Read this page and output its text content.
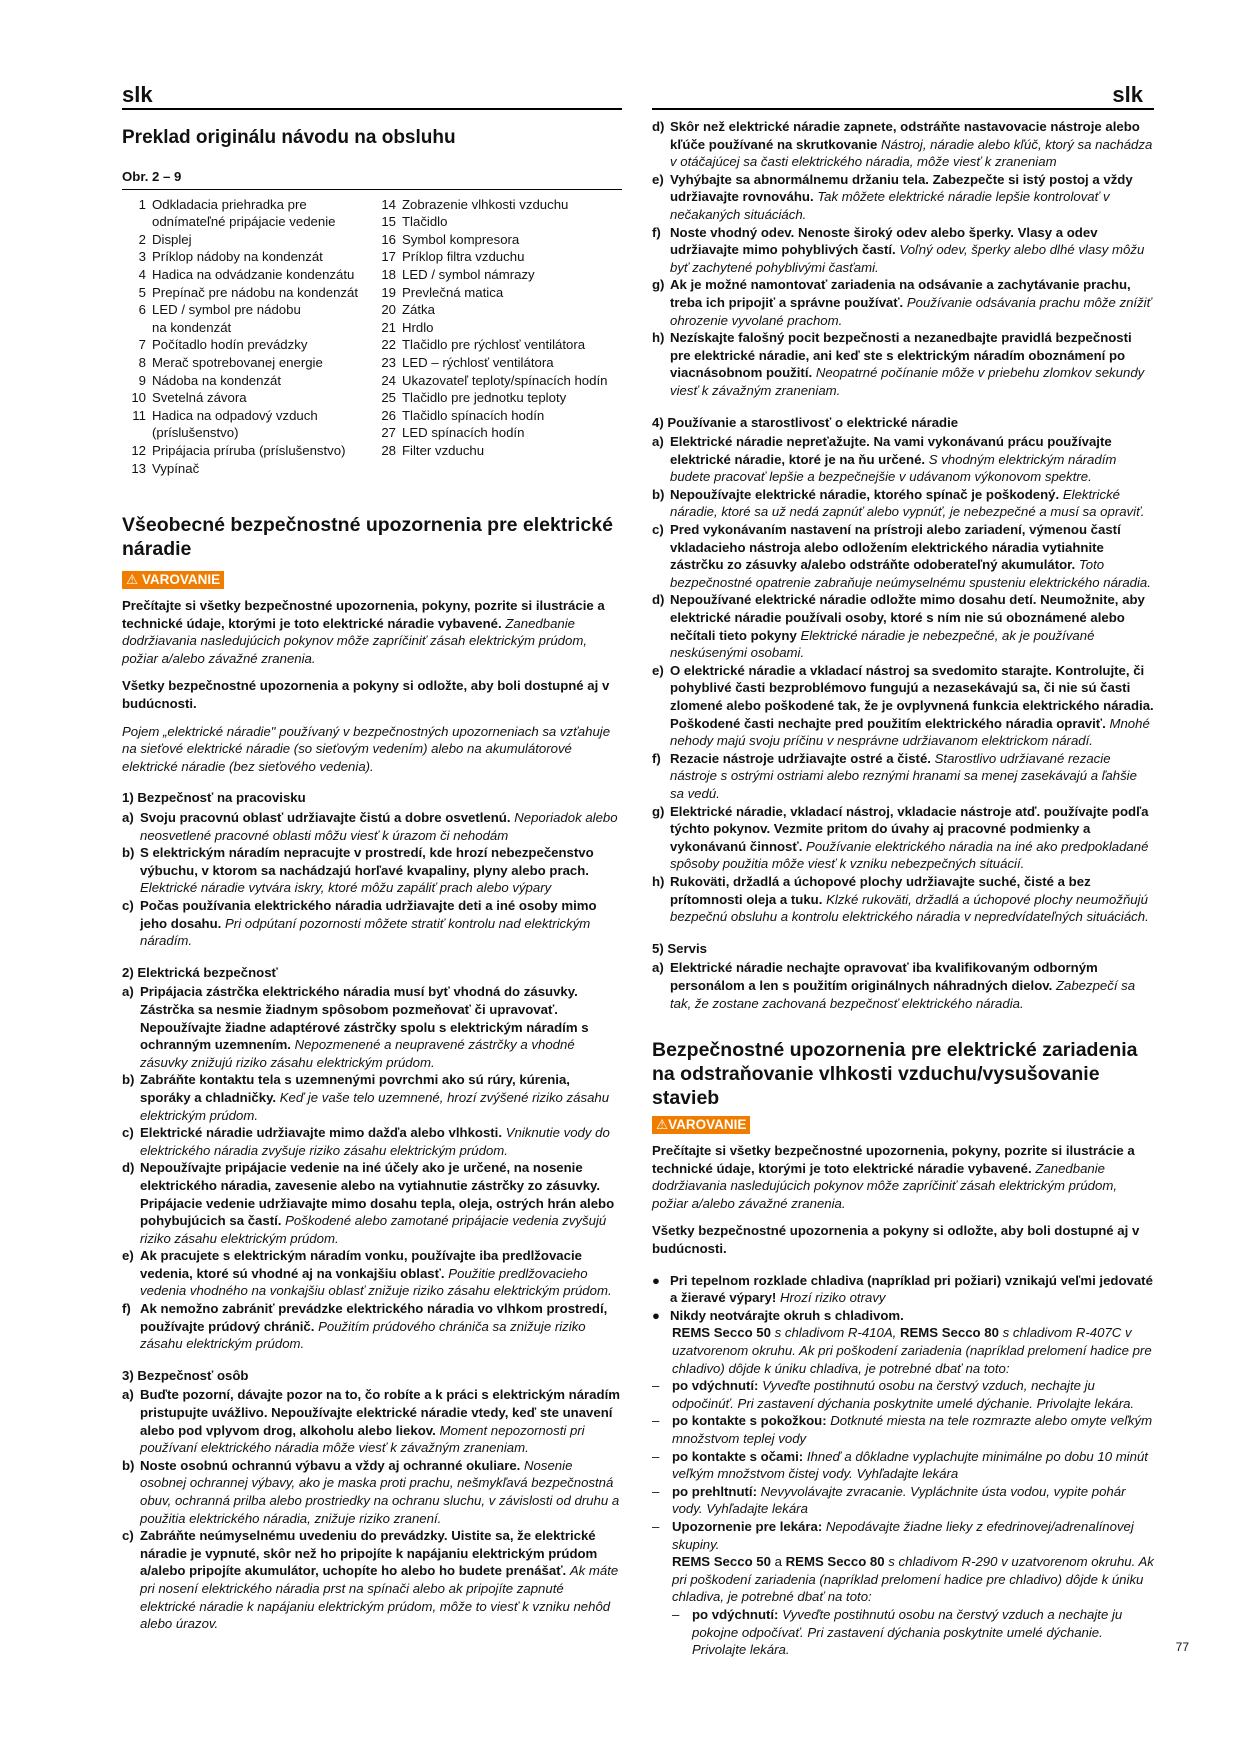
slk	slk
Preklad originálu návodu na obsluhu
Obr. 2 – 9
1 Odkladacia priehradka pre
odnímateľné pripájacie vedenie
2 Displej
3 Príklop nádoby na kondenzát
4 Hadica na odvádzanie kondenzátu
5 Prepínač pre nádobu na kondenzát
6 LED / symbol pre nádobu
na kondenzát
7 Počítadlo hodín prevádzky
8 Merač spotrebovanej energie
9 Nádoba na kondenzát
10 Svetelná závora
11 Hadica na odpadový vzduch
(príslušenstvo)
12 Pripájacia príruba (príslušenstvo)
13 Vypínač
14 Zobrazenie vlhkosti vzduchu
15 Tlačidlo
16 Symbol kompresora
17 Príklop filtra vzduchu
18 LED / symbol námrazy
19 Prevlečná matica
20 Zátka
21 Hrdlo
22 Tlačidlo pre rýchlosť ventilátora
23 LED – rýchlosť ventilátora
24 Ukazovateľ teploty/spínacích hodín
25 Tlačidlo pre jednotku teploty
26 Tlačidlo spínacích hodín
27 LED spínacích hodín
28 Filter vzduchu
Všeobecné bezpečnostné upozornenia pre elektrické náradie
⚠ VAROVANIE

Prečítajte si všetky bezpečnostné upozornenia, pokyny, pozrite si ilustrácie a technické údaje, ktorými je toto elektrické náradie vybavené. Zanedbanie dodržiavania nasledujúcich pokynov môže zapríčiniť zásah elektrickým prúdom, požiar a/alebo závažné zranenia.

Všetky bezpečnostné upozornenia a pokyny si odložte, aby boli dostupné aj v budúcnosti.

Pojem „elektrické náradie" používaný v bezpečnostných upozorneniach sa vzťahuje na sieťové elektrické náradie (so sieťovým vedením) alebo na akumulátorové elektrické náradie (bez sieťového vedenia).

1) Bezpečnosť na pracovisku
a) Svoju pracovnú oblasť udržiavajte čistú a dobre osvetlenú. Neporiadok alebo neosvetlené pracovné oblasti môžu viesť k úrazom či nehodám
b) S elektrickým náradím nepracujte v prostredí, kde hrozí nebezpečenstvo výbuchu, v ktorom sa nachádzajú horľavé kvapaliny, plyny alebo prach. Elektrické náradie vytvára iskry, ktoré môžu zapáliť prach alebo výpary
c) Počas používania elektrického náradia udržiavajte deti a iné osoby mimo jeho dosahu. Pri odpútaní pozornosti môžete stratiť kontrolu nad elektrickým náradím.
2) Elektrická bezpečnosť
a) Pripájacia zástrčka elektrického náradia musí byť vhodná do zásuvky. Zástrčka sa nesmie žiadnym spôsobom pozmeňovať či upravovať. Nepoužívajte žiadne adaptérové zástrčky spolu s elektrickým náradím s ochranným uzemnením. Nepozmenené a neupravené zástrčky a vhodné zásuvky znižujú riziko zásahu elektrickým prúdom.
b) Zabráňte kontaktu tela s uzemnenými povrchmi ako sú rúry, kúrenia, sporáky a chladničky. Keď je vaše telo uzemnené, hrozí zvýšené riziko zásahu elektrickým prúdom.
c) Elektrické náradie udržiavajte mimo dažďa alebo vlhkosti. Vniknutie vody do elektrického náradia zvyšuje riziko zásahu elektrickým prúdom.
d) Nepoužívajte pripájacie vedenie na iné účely ako je určené, na nosenie elektrického náradia, zavesenie alebo na vytiahnutie zástrčky zo zásuvky. Pripájacie vedenie udržiavajte mimo dosahu tepla, oleja, ostrých hrán alebo pohybujúcich sa častí. Poškodené alebo zamotané pripájacie vedenia zvyšujú riziko zásahu elektrickým prúdom.
e) Ak pracujete s elektrickým náradím vonku, používajte iba predlžovacie vedenia, ktoré sú vhodné aj na vonkajšiu oblasť. Použitie predlžovacieho vedenia vhodného na vonkajšiu oblasť znižuje riziko zásahu elektrickým prúdom.
f) Ak nemožno zabrániť prevádzke elektrického náradia vo vlhkom prostredí, používajte prúdový chránič. Použitím prúdového chrániča sa znižuje riziko zásahu elektrickým prúdom.
3) Bezpečnosť osôb
a) Buďte pozorní, dávajte pozor na to, čo robíte a k práci s elektrickým náradím pristupujte uvážlivo. Nepoužívajte elektrické náradie vtedy, keď ste unavení alebo pod vplyvom drog, alkoholu alebo liekov. Moment nepozornosti pri používaní elektrického náradia môže viesť k závažným zraneniam.
b) Noste osobnú ochrannú výbavu a vždy aj ochranné okuliare. Nosenie osobnej ochrannej výbavy, ako je maska proti prachu, nešmykľavá bezpečnostná obuv, ochranná prilba alebo prostriedky na ochranu sluchu, v závislosti od druhu a použitia elektrického náradia, znižuje riziko zranení.
c) Zabráňte neúmyselnému uvedeniu do prevádzky. Uistite sa, že elektrické náradie je vypnuté, skôr než ho pripojíte k napájaniu elektrickým prúdom a/alebo pripojíte akumulátor, uchopíte ho alebo ho budete prenášať. Ak máte pri nosení elektrického náradia prst na spínači alebo ak pripojíte zapnuté elektrické náradie k napájaniu elektrickým prúdom, môže to viesť k vzniku nehôd alebo úrazov.
d) Skôr než elektrické náradie zapnete, odstráňte nastavovacie nástroje alebo kľúče používané na skrutkovanie Nástroj, náradie alebo kľúč, ktorý sa nachádza v otáčajúcej sa časti elektrického náradia, môže viesť k zraneniam
e) Vyhýbajte sa abnormálnemu držaniu tela. Zabezpečte si istý postoj a vždy udržiavajte rovnováhu. Tak môžete elektrické náradie lepšie kontrolovať v nečakaných situáciách.
f) Noste vhodný odev. Nenoste široký odev alebo šperky. Vlasy a odev udržiavajte mimo pohyblivých častí. Voľný odev, šperky alebo dlhé vlasy môžu byť zachytené pohyblivými časťami.
g) Ak je možné namontovať zariadenia na odsávanie a zachytávanie prachu, treba ich pripojiť a správne používať. Používanie odsávania prachu môže znížiť ohrozenie vyvolané prachom.
h) Nezískajte falošný pocit bezpečnosti a nezanedbajte pravidlá bezpečnosti pre elektrické náradie, ani keď ste s elektrickým náradím oboznámení po viacnásobnom použití. Neopatrné počínanie môže v priebehu zlomkov sekundy viesť k závažným zraneniam.
4) Používanie a starostlivosť o elektrické náradie
a) Elektrické náradie nepreťažujte. Na vami vykonávanú prácu používajte elektrické náradie, ktoré je na ňu určené. S vhodným elektrickým náradím budete pracovať lepšie a bezpečnejšie v udávanom výkonovom spektre.
b) Nepoužívajte elektrické náradie, ktorého spínač je poškodený. Elektrické náradie, ktoré sa už nedá zapnúť alebo vypnúť, je nebezpečné a musí sa opraviť.
c) Pred vykonávaním nastavení na prístroji alebo zariadení, výmenou častí vkladacieho nástroja alebo odložením elektrického náradia vytiahnite zástrčku zo zásuvky a/alebo odstráňte odoberateľný akumulátor. Toto bezpečnostné opatrenie zabraňuje neúmyselnému spusteniu elektrického náradia.
d) Nepoužívané elektrické náradie odložte mimo dosahu detí. Neumožnite, aby elektrické náradie používali osoby, ktoré s ním nie sú oboznámené alebo nečítali tieto pokyny Elektrické náradie je nebezpečné, ak je používané neskúsenými osobami.
e) O elektrické náradie a vkladací nástroj sa svedomito starajte. Kontrolujte, či pohyblivé časti bezproblémovo fungujú a nezasekávajú sa, či nie sú časti zlomené alebo poškodené tak, že je ovplyvnená funkcia elektrického náradia. Poškodené časti nechajte pred použitím elektrického náradia opraviť. Mnohé nehody majú svoju príčinu v nesprávne udržiavanom elektrickom náradí.
f) Rezacie nástroje udržiavajte ostré a čisté. Starostlivo udržiavané rezacie nástroje s ostrými ostriami alebo reznými hranami sa menej zasekávajú a ľahšie sa vedú.
g) Elektrické náradie, vkladací nástroj, vkladacie nástroje atď. používajte podľa týchto pokynov. Vezmite pritom do úvahy aj pracovné podmienky a vykonávanú činnosť. Používanie elektrického náradia na iné ako predpokladané spôsoby použitia môže viesť k vzniku nebezpečných situácií.
h) Rukoväti, držadlá a úchopové plochy udržiavajte suché, čisté a bez prítomnosti oleja a tuku. Klzké rukoväti, držadlá a úchopové plochy neumožňujú bezpečnú obsluhu a kontrolu elektrického náradia v nepredvídateľných situáciách.
5) Servis
a) Elektrické náradie nechajte opravovať iba kvalifikovaným odborným personálom a len s použitím originálnych náhradných dielov. Zabezpečí sa tak, že zostane zachovaná bezpečnosť elektrického náradia.
Bezpečnostné upozornenia pre elektrické zariadenia na odstraňovanie vlhkosti vzduchu/vysušovanie stavieb
⚠VAROVANIE

Prečítajte si všetky bezpečnostné upozornenia, pokyny, pozrite si ilustrácie a technické údaje, ktorými je toto elektrické náradie vybavené. Zanedbanie dodržiavania nasledujúcich pokynov môže zapríčiniť zásah elektrickým prúdom, požiar a/alebo závažné zranenia.

Všetky bezpečnostné upozornenia a pokyny si odložte, aby boli dostupné aj v budúcnosti.

● Pri tepelnom rozklade chladiva (napríklad pri požiari) vznikajú veľmi jedovaté a žieravé výpary! Hrozí riziko otravy
● Nikdy neotvárajte okruh s chladivom.
REMS Secco 50 s chladivom R-410A, REMS Secco 80 s chladivom R-407C v uzatvorenom okruhu. Ak pri poškodení zariadenia (napríklad prelomení hadice pre chladivo) dôjde k úniku chladiva, je potrebné dbať na toto:
– po vdýchnutí: Vyveďte postihnutú osobu na čerstvý vzduch, nechajte ju odpočinúť. Pri zastavení dýchania poskytnite umelé dýchanie. Privolajte lekára.
– po kontakte s pokožkou: Dotknuté miesta na tele rozmrazte alebo omyte veľkým množstvom teplej vody
– po kontakte s očami: Ihneď a dôkladne vyplachujte minimálne po dobu 10 minút veľkým množstvom čistej vody. Vyhľadajte lekára
– po prehltnutí: Nevyvolávajte zvracanie. Vypláchnite ústa vodou, vypite pohár vody. Vyhľadajte lekára
– Upozornenie pre lekára: Nepodávajte žiadne lieky z efedrinovej/adrenalínovej skupiny.
REMS Secco 50 a REMS Secco 80 s chladivom R-290 v uzatvorenom okruhu. Ak pri poškodení zariadenia (napríklad prelomení hadice pre chladivo) dôjde k úniku chladiva, je potrebné dbať na toto:
– po vdýchnutí: Vyveďte postihnutú osobu na čerstvý vzduch a nechajte ju pokojne odpočívať. Pri zastavení dýchania poskytnite umelé dýchanie. Privolajte lekára.	77
